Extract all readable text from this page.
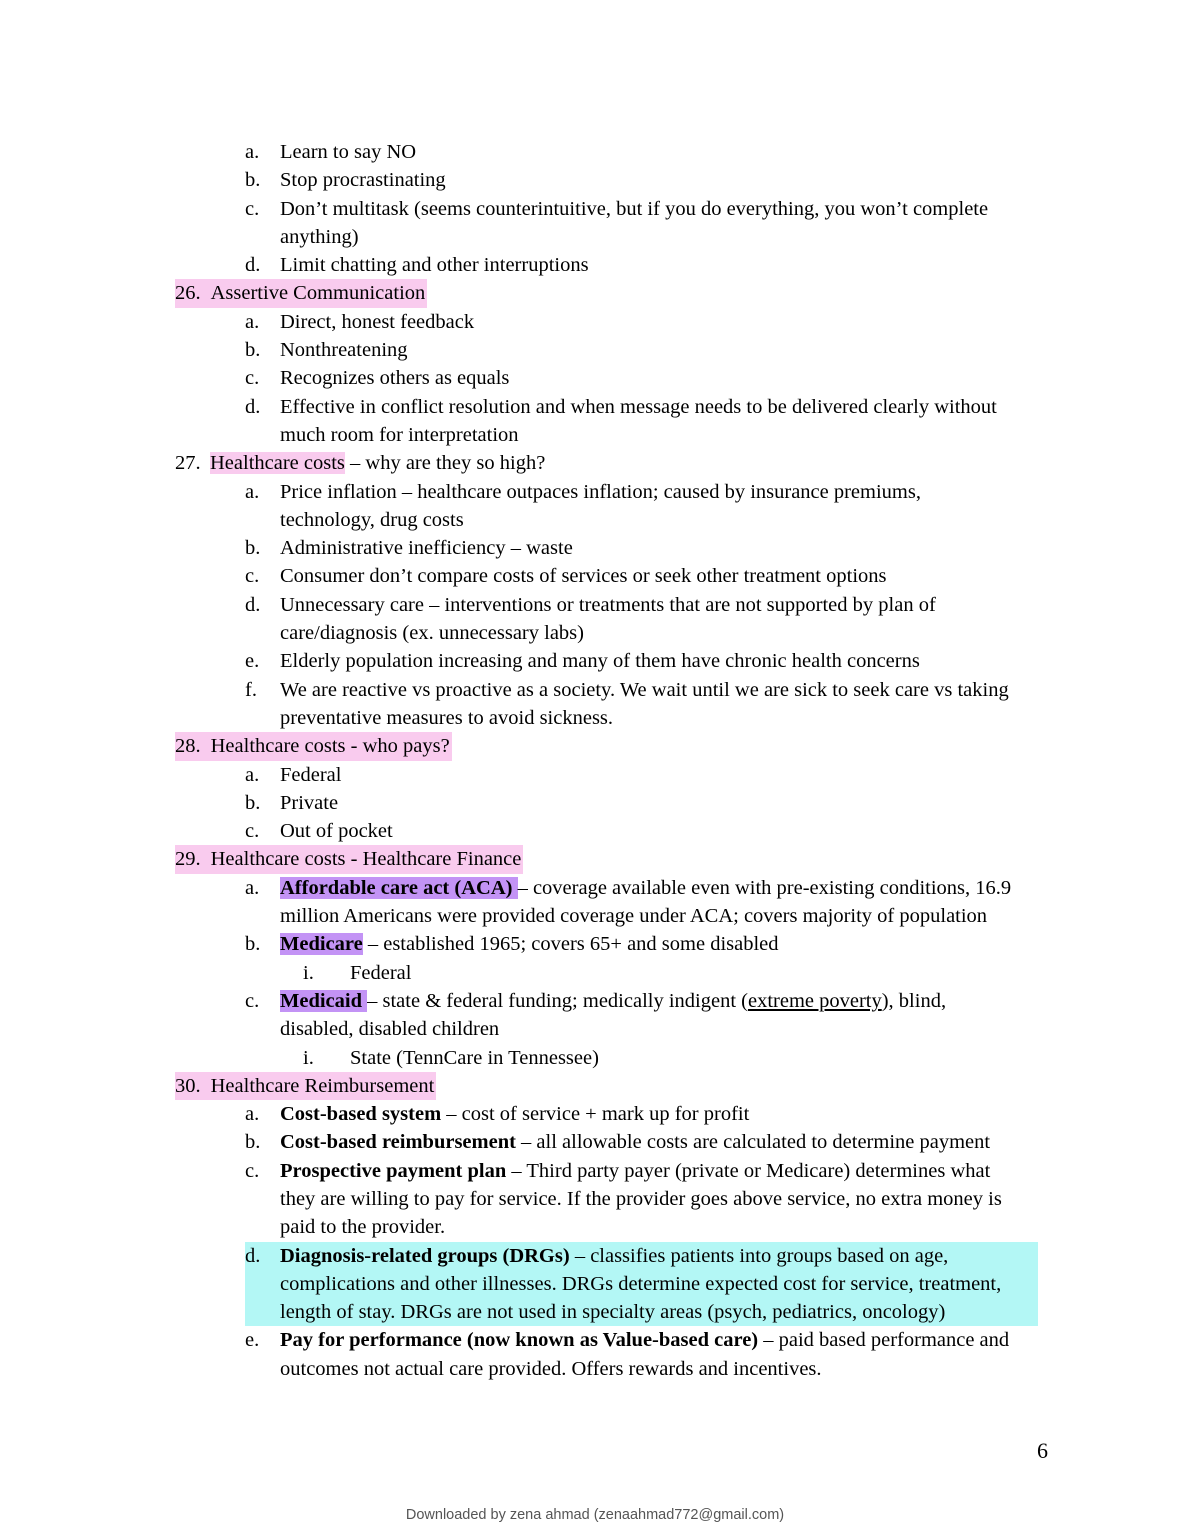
a. Learn to say NO
b. Stop procrastinating
c. Don’t multitask (seems counterintuitive, but if you do everything, you won’t complete
anything)
d. Limit chatting and other interruptions
26. Assertive Communication
a. Direct, honest feedback
b. Nonthreatening
c. Recognizes others as equals
d. Effective in conflict resolution and when message needs to be delivered clearly without
much room for interpretation
27. Healthcare costs – why are they so high?
a. Price inflation – healthcare outpaces inflation; caused by insurance premiums,
technology, drug costs
b. Administrative inefficiency – waste
c. Consumer don’t compare costs of services or seek other treatment options
d. Unnecessary care – interventions or treatments that are not supported by plan of
care/diagnosis (ex. unnecessary labs)
e. Elderly population increasing and many of them have chronic health concerns
f. We are reactive vs proactive as a society. We wait until we are sick to seek care vs taking
preventative measures to avoid sickness.
28. Healthcare costs - who pays?
a. Federal
b. Private
c. Out of pocket
29. Healthcare costs - Healthcare Finance
a. Affordable care act (ACA) – coverage available even with pre-existing conditions, 16.9
million Americans were provided coverage under ACA; covers majority of population
b. Medicare – established 1965; covers 65+ and some disabled
i. Federal
c. Medicaid – state & federal funding; medically indigent (extreme poverty), blind,
disabled, disabled children
i. State (TennCare in Tennessee)
30. Healthcare Reimbursement
a. Cost-based system – cost of service + mark up for profit
b. Cost-based reimbursement – all allowable costs are calculated to determine payment
c. Prospective payment plan – Third party payer (private or Medicare) determines what
they are willing to pay for service. If the provider goes above service, no extra money is
paid to the provider.
d. Diagnosis-related groups (DRGs) – classifies patients into groups based on age,
complications and other illnesses. DRGs determine expected cost for service, treatment,
length of stay. DRGs are not used in specialty areas (psych, pediatrics, oncology)
e. Pay for performance (now known as Value-based care) – paid based performance and
outcomes not actual care provided. Offers rewards and incentives.
6
Downloaded by zena ahmad (zenaahmad772@gmail.com)
